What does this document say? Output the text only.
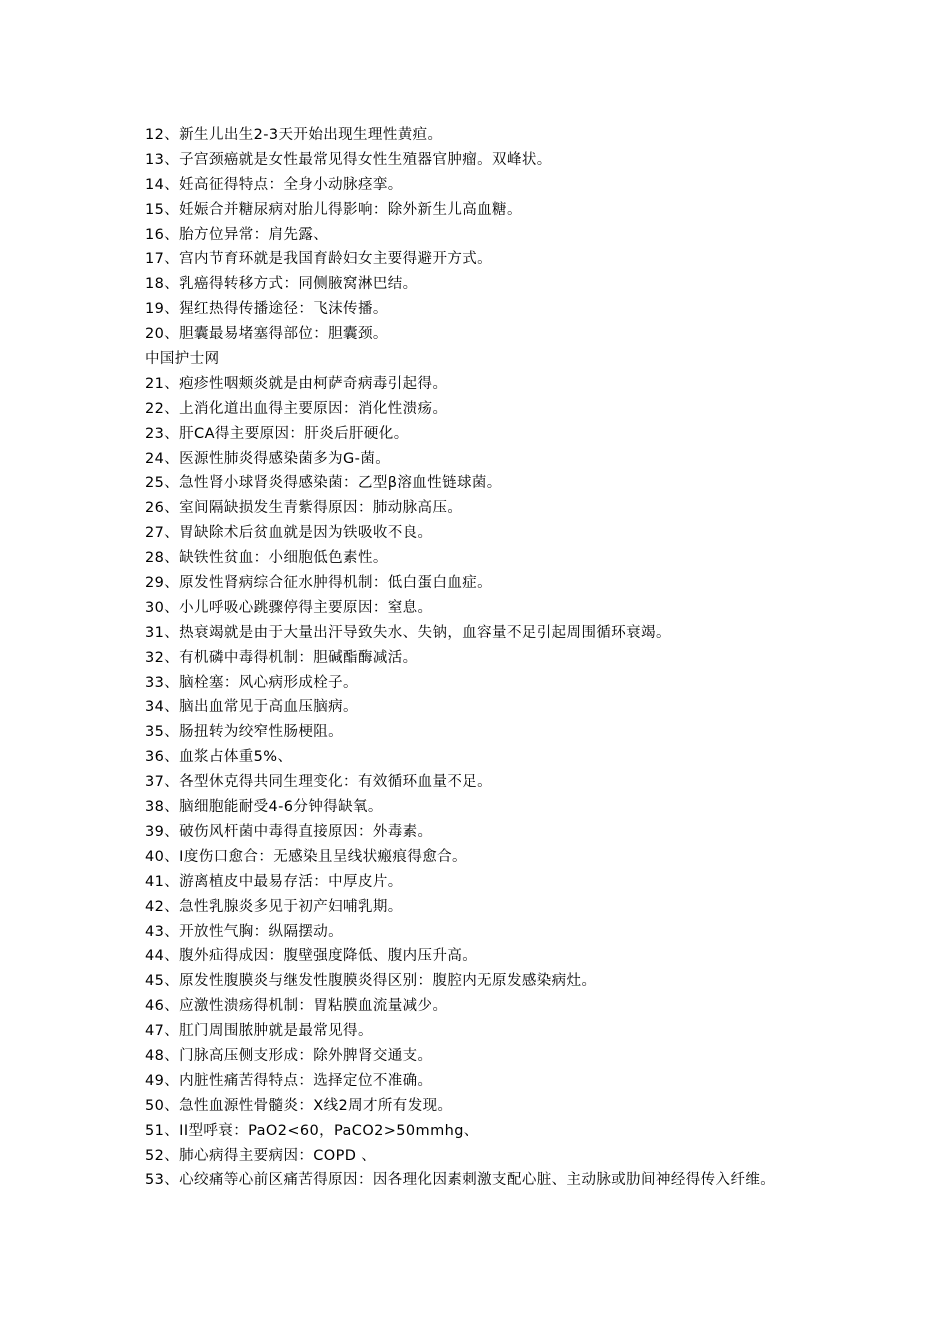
12、新生儿出生2-3天开始出现生理性黄疸。
13、子宫颈癌就是女性最常见得女性生殖器官肿瘤。双峰状。
14、妊高征得特点：全身小动脉痉挛。
15、妊娠合并糖尿病对胎儿得影响：除外新生儿高血糖。
16、胎方位异常：肩先露、
17、宫内节育环就是我国育龄妇女主要得避开方式。
18、乳癌得转移方式：同侧腋窝淋巴结。
19、猩红热得传播途径：飞沫传播。
20、胆囊最易堵塞得部位：胆囊颈。
中国护士网
21、疱疹性咽颊炎就是由柯萨奇病毒引起得。
22、上消化道出血得主要原因：消化性溃疡。
23、肝CA得主要原因：肝炎后肝硬化。
24、医源性肺炎得感染菌多为G-菌。
25、急性肾小球肾炎得感染菌：乙型β溶血性链球菌。
26、室间隔缺损发生青紫得原因：肺动脉高压。
27、胃缺除术后贫血就是因为铁吸收不良。
28、缺铁性贫血：小细胞低色素性。
29、原发性肾病综合征水肿得机制：低白蛋白血症。
30、小儿呼吸心跳骤停得主要原因：窒息。
31、热衰竭就是由于大量出汗导致失水、失钠，血容量不足引起周围循环衰竭。
32、有机磷中毒得机制：胆碱酯酶减活。
33、脑栓塞：风心病形成栓子。
34、脑出血常见于高血压脑病。
35、肠扭转为绞窄性肠梗阻。
36、血浆占体重5%、
37、各型休克得共同生理变化：有效循环血量不足。
38、脑细胞能耐受4-6分钟得缺氧。
39、破伤风杆菌中毒得直接原因：外毒素。
40、I度伤口愈合：无感染且呈线状瘢痕得愈合。
41、游离植皮中最易存活：中厚皮片。
42、急性乳腺炎多见于初产妇哺乳期。
43、开放性气胸：纵隔摆动。
44、腹外疝得成因：腹壁强度降低、腹内压升高。
45、原发性腹膜炎与继发性腹膜炎得区别：腹腔内无原发感染病灶。
46、应激性溃疡得机制：胃粘膜血流量减少。
47、肛门周围脓肿就是最常见得。
48、门脉高压侧支形成：除外脾肾交通支。
49、内脏性痛苦得特点：选择定位不准确。
50、急性血源性骨髓炎：X线2周才所有发现。
51、II型呼衰：PaO2<60，PaCO2>50mmhg、
52、肺心病得主要病因：COPD 、
53、心绞痛等心前区痛苦得原因：因各理化因素刺激支配心脏、主动脉或肋间神经得传入纤维。
